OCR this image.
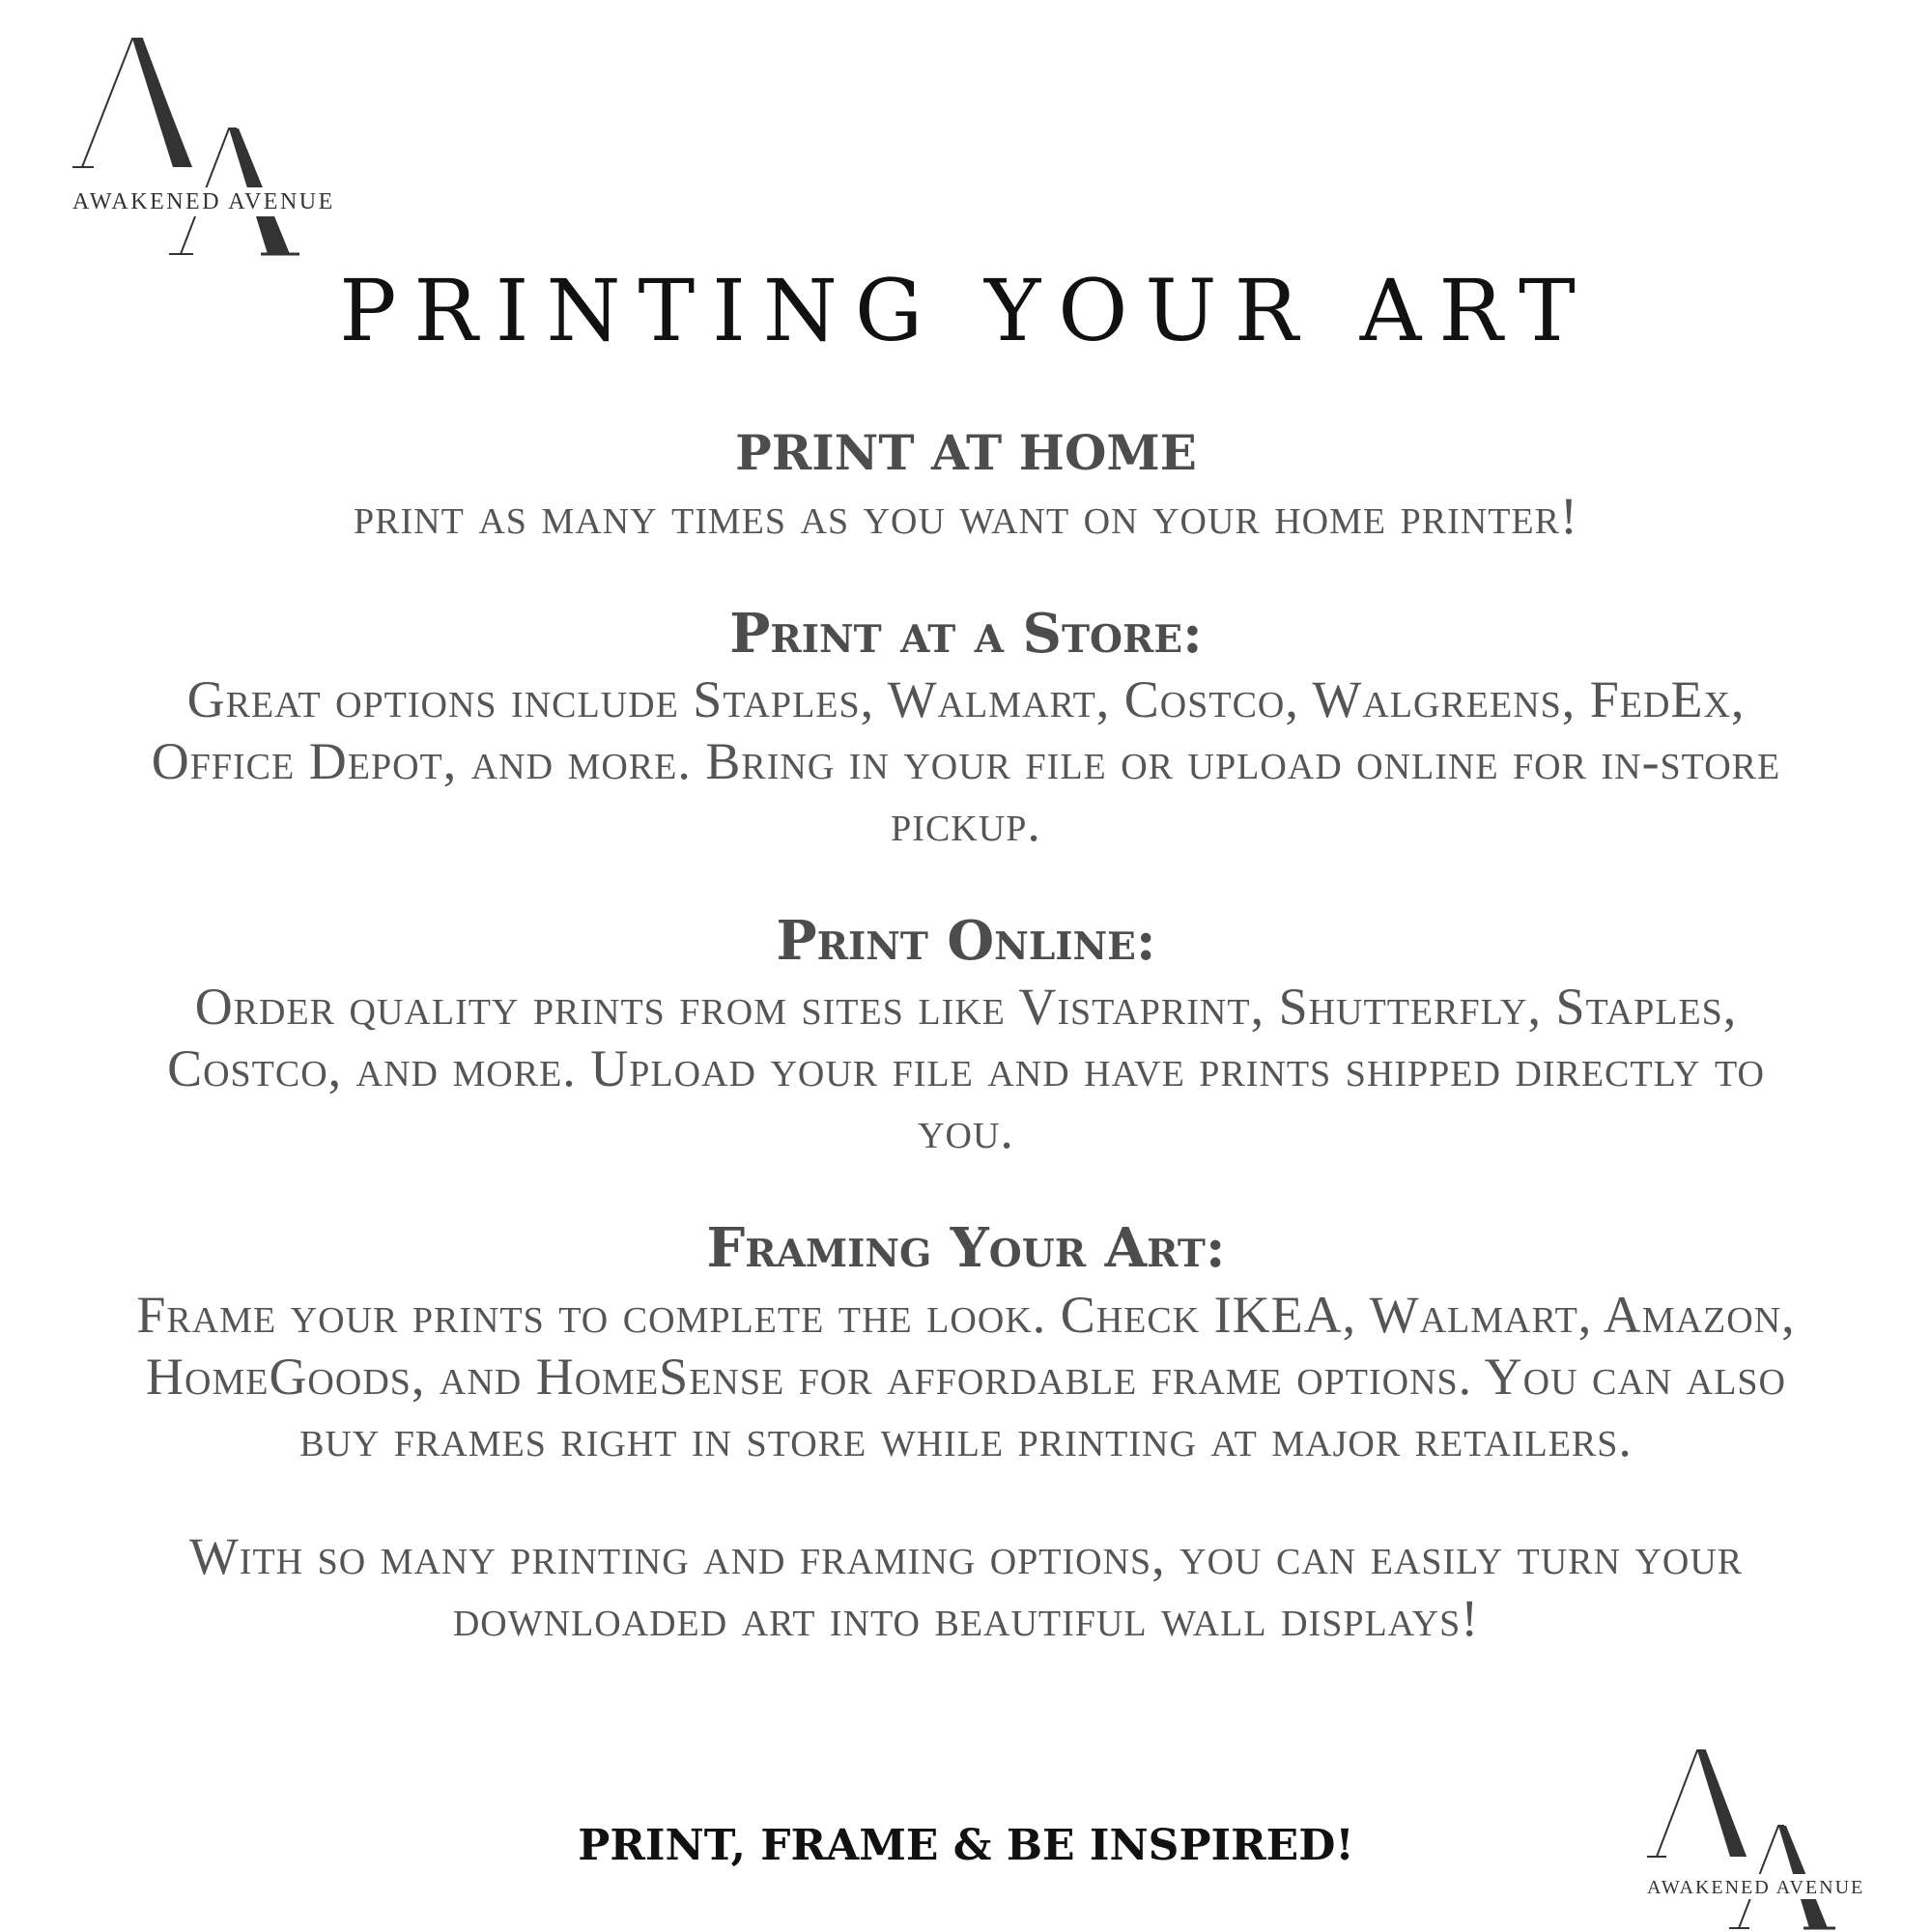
AWAKENED AVENUE
PRINTING YOUR ART
PRINT AT HOME

print as many times as you want on your home printer!

Print at a Store:

Great options include Staples, Walmart, Costco, Walgreens, FedEx, Office Depot, and more. Bring in your file or upload online for in-store pickup.

Print Online:

Order quality prints from sites like Vistaprint, Shutterfly, Staples, Costco, and more. Upload your file and have prints shipped directly to you.

Framing Your Art:

Frame your prints to complete the look. Check IKEA, Walmart, Amazon, HomeGoods, and HomeSense for affordable frame options. You can also buy frames right in store while printing at major retailers.

With so many printing and framing options, you can easily turn your downloaded art into beautiful wall displays!

PRINT, FRAME & BE INSPIRED!

AWAKENED AVENUE
